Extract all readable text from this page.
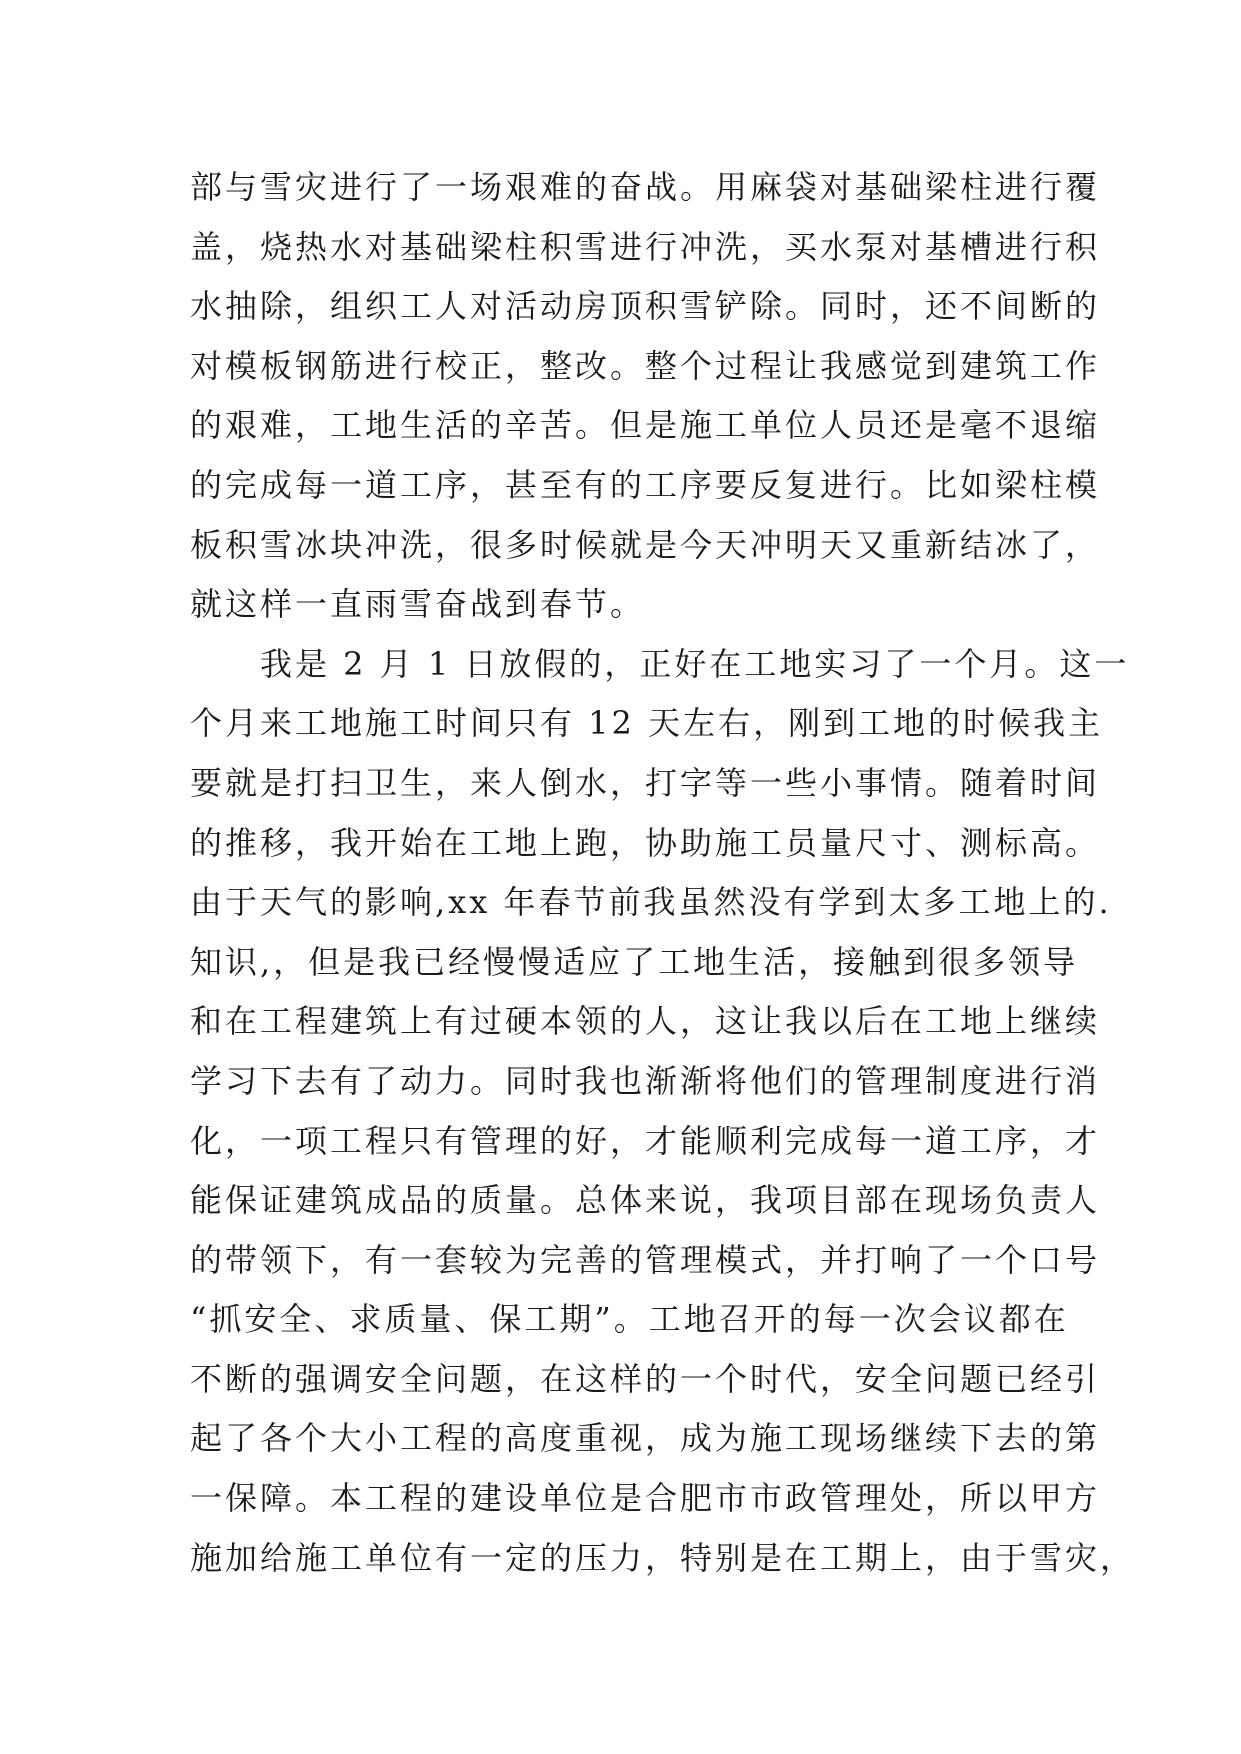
部与雪灾进行了一场艰难的奋战。用麻袋对基础梁柱进行覆
盖，烧热水对基础梁柱积雪进行冲洗，买水泵对基槽进行积
水抽除，组织工人对活动房顶积雪铲除。同时，还不间断的
对模板钢筋进行校正，整改。整个过程让我感觉到建筑工作
的艰难，工地生活的辛苦。但是施工单位人员还是毫不退缩
的完成每一道工序，甚至有的工序要反复进行。比如梁柱模
板积雪冰块冲洗，很多时候就是今天冲明天又重新结冰了，
就这样一直雨雪奋战到春节。
　　我是 2 月 1 日放假的，正好在工地实习了一个月。这一
个月来工地施工时间只有 12 天左右，刚到工地的时候我主
要就是打扫卫生，来人倒水，打字等一些小事情。随着时间
的推移，我开始在工地上跑，协助施工员量尺寸、测标高。
由于天气的影响,xx 年春节前我虽然没有学到太多工地上的.
知识,，但是我已经慢慢适应了工地生活，接触到很多领导
和在工程建筑上有过硬本领的人，这让我以后在工地上继续
学习下去有了动力。同时我也渐渐将他们的管理制度进行消
化，一项工程只有管理的好，才能顺利完成每一道工序，才
能保证建筑成品的质量。总体来说，我项目部在现场负责人
的带领下，有一套较为完善的管理模式，并打响了一个口号
“抓安全、求质量、保工期”。工地召开的每一次会议都在
不断的强调安全问题，在这样的一个时代，安全问题已经引
起了各个大小工程的高度重视，成为施工现场继续下去的第
一保障。本工程的建设单位是合肥市市政管理处，所以甲方
施加给施工单位有一定的压力，特别是在工期上，由于雪灾，
